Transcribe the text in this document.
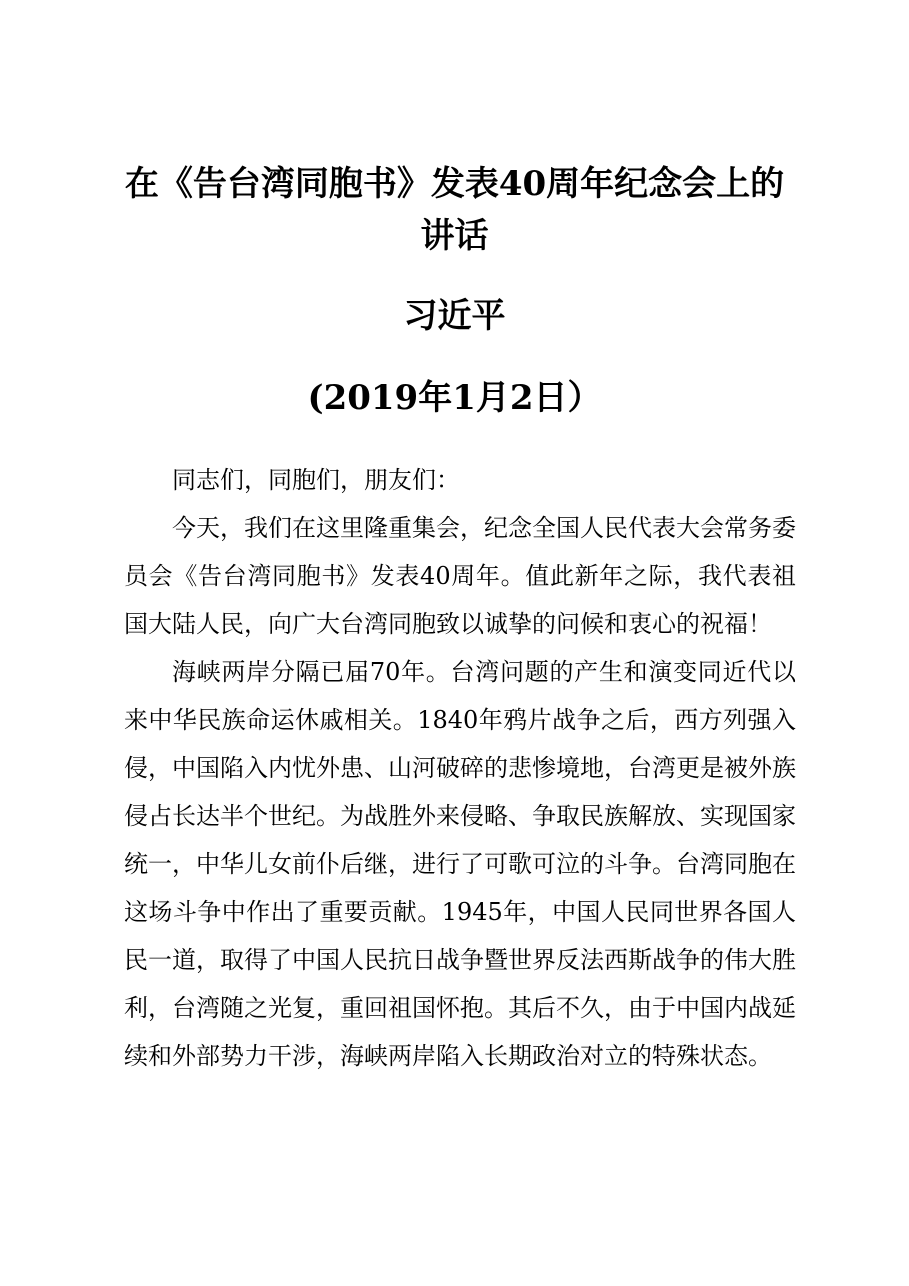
在《告台湾同胞书》发表40周年纪念会上的讲话
习近平
(2019年1月2日）

同志们，同胞们，朋友们：

今天，我们在这里隆重集会，纪念全国人民代表大会常务委员会《告台湾同胞书》发表40周年。值此新年之际，我代表祖国大陆人民，向广大台湾同胞致以诚挚的问候和衷心的祝福！

海峡两岸分隔已届70年。台湾问题的产生和演变同近代以来中华民族命运休戚相关。1840年鸦片战争之后，西方列强入侵，中国陷入内忧外患、山河破碎的悲惨境地，台湾更是被外族侵占长达半个世纪。为战胜外来侵略、争取民族解放、实现国家统一，中华儿女前仆后继，进行了可歌可泣的斗争。台湾同胞在这场斗争中作出了重要贡献。1945年，中国人民同世界各国人民一道，取得了中国人民抗日战争暨世界反法西斯战争的伟大胜利，台湾随之光复，重回祖国怀抱。其后不久，由于中国内战延续和外部势力干涉，海峡两岸陷入长期政治对立的特殊状态。
